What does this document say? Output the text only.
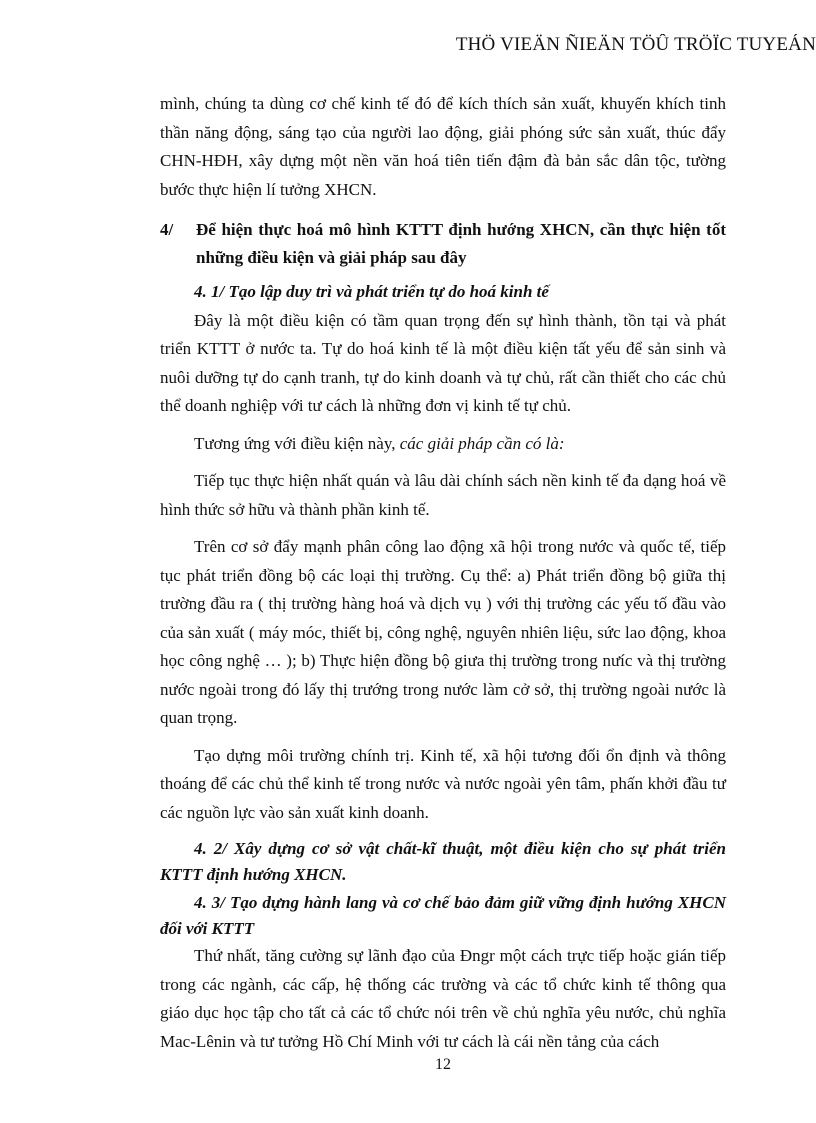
THÖ VIEÄN ÑIEÄN TÖÛ TRÖÏC TUYEÁN

mình, chúng ta dùng cơ chế kinh tế đó để kích thích sản xuất, khuyến khích tinh thần năng động, sáng tạo của người lao động, giải phóng sức sản xuất, thúc đẩy CHN-HĐH, xây dựng một nền văn hoá tiên tiến đậm đà bản sắc dân tộc, tường bước thực hiện lí tưởng XHCN.

4/	Để hiện thực hoá mô hình KTTT định hướng XHCN, cần thực hiện tốt những điều kiện và giải pháp sau đây

4. 1/ Tạo lập duy trì và phát triển tự do hoá kinh tế

Đây là một điều kiện có tầm quan trọng đến sự hình thành, tồn tại và phát triển KTTT ở nước ta. Tự do hoá kinh tế là một điều kiện tất yếu để sản sinh và nuôi dưỡng tự do cạnh tranh, tự do kinh doanh và tự chủ, rất cần thiết cho các chủ thể doanh nghiệp với tư cách là những đơn vị kinh tế tự chủ.

Tương ứng với điều kiện này, các giải pháp cần có là:

Tiếp tục thực hiện nhất quán và lâu dài chính sách nền kinh tế đa dạng hoá về hình thức sở hữu và thành phần kinh tế.

Trên cơ sở đẩy mạnh phân công lao động xã hội trong nước và quốc tế, tiếp tục phát triển đồng bộ các loại thị trường. Cụ thể: a) Phát triển đồng bộ giữa thị trường đầu ra ( thị trường hàng hoá và dịch vụ ) với thị trường các yếu tố đầu vào của sản xuất ( máy móc, thiết bị, công nghệ, nguyên nhiên liệu, sức lao động, khoa học công nghệ … ); b) Thực hiện đồng bộ giưa thị trường trong nưíc và thị trường nước ngoài trong đó lấy thị trướng trong nước làm cở sở, thị trường ngoài nước là quan trọng.

Tạo dựng môi trường chính trị. Kinh tế, xã hội tương đối ổn định và thông thoáng để các chủ thể kinh tế trong nước và nước ngoài yên tâm, phấn khởi đầu tư các nguồn lực vào sản xuất kinh doanh.

4. 2/ Xây dựng cơ sở vật chất-kĩ thuật, một điều kiện cho sự phát triển KTTT định hướng XHCN.

4. 3/ Tạo dựng hành lang và cơ chế bảo đảm giữ vững định hướng XHCN đối với KTTT

Thứ nhất, tăng cường sự lãnh đạo của Đngr một cách trực tiếp hoặc gián tiếp trong các ngành, các cấp, hệ thống các trường và các tổ chức kinh tế thông qua giáo dục học tập cho tất cả các tổ chức nói trên về chủ nghĩa yêu nước, chủ nghĩa Mac-Lênin và tư tưởng Hồ Chí Minh với tư cách là cái nền tảng của cách

12
